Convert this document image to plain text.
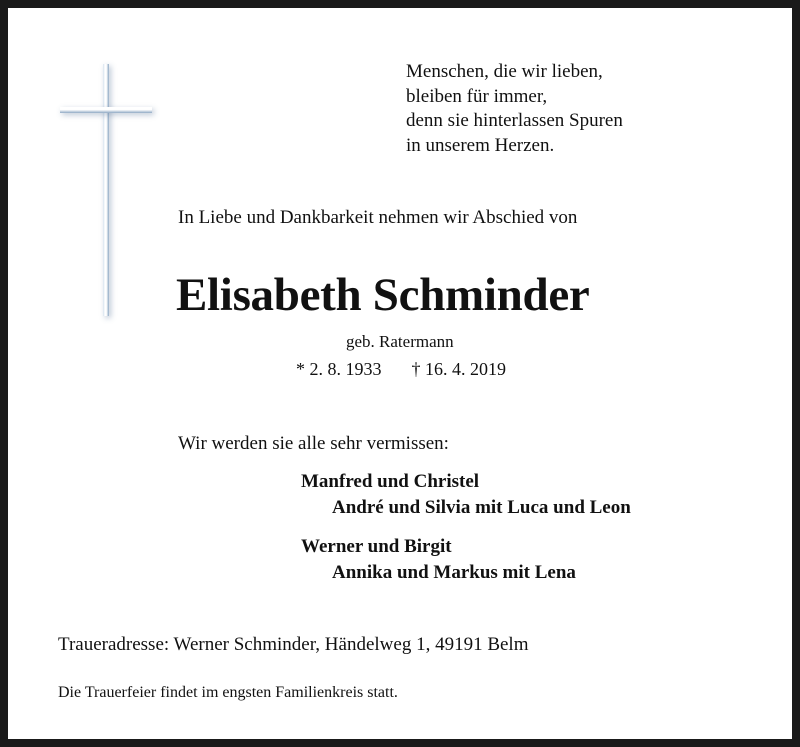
Menschen, die wir lieben,
bleiben für immer,
denn sie hinterlassen Spuren
in unserem Herzen.
In Liebe und Dankbarkeit nehmen wir Abschied von
Elisabeth Schminder
geb. Ratermann
* 2. 8. 1933 † 16. 4. 2019
Wir werden sie alle sehr vermissen:
Manfred und Christel
André und Silvia mit Luca und Leon
Werner und Birgit
Annika und Markus mit Lena
Traueradresse: Werner Schminder, Händelweg 1, 49191 Belm
Die Trauerfeier findet im engsten Familienkreis statt.
